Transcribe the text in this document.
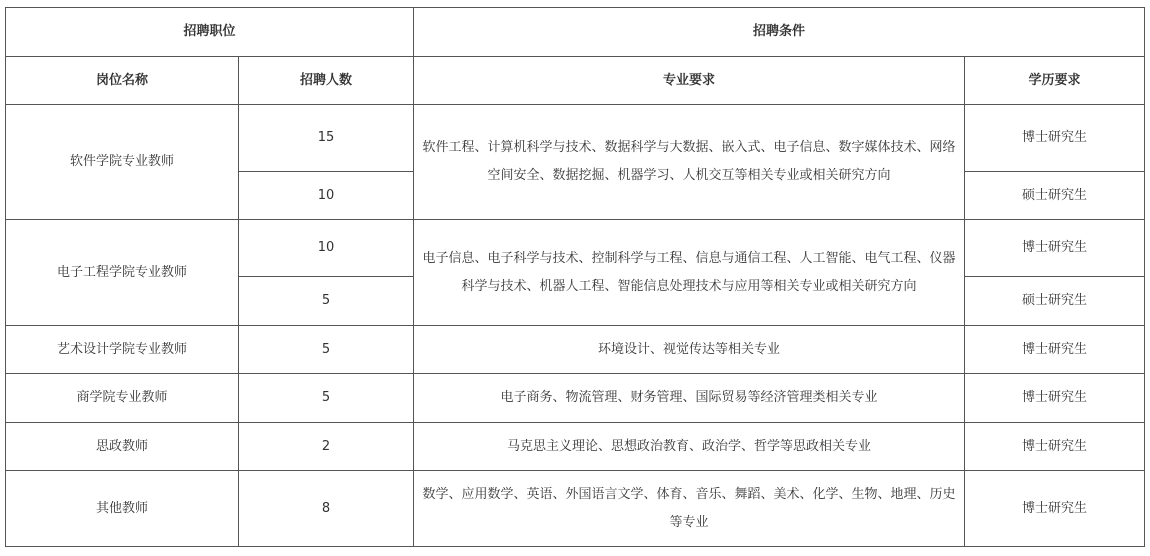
招聘职位		招聘条件	
岗位名称	招聘人数	专业要求	学历要求
软件学院专业教师	15	软件工程、计算机科学与技术、数据科学与大数据、嵌入式、电子信息、数字媒体技术、网络空间安全、数据挖掘、机器学习、人机交互等相关专业或相关研究方向	博士研究生
	10		硕士研究生
电子工程学院专业教师	10	电子信息、电子科学与技术、控制科学与工程、信息与通信工程、人工智能、电气工程、仪器科学与技术、机器人工程、智能信息处理技术与应用等相关专业或相关研究方向	博士研究生
	5		硕士研究生
艺术设计学院专业教师	5	环境设计、视觉传达等相关专业	博士研究生
商学院专业教师	5	电子商务、物流管理、财务管理、国际贸易等经济管理类相关专业	博士研究生
思政教师	2	马克思主义理论、思想政治教育、政治学、哲学等思政相关专业	博士研究生
其他教师	8	数学、应用数学、英语、外国语言文学、体育、音乐、舞蹈、美术、化学、生物、地理、历史等专业	博士研究生
